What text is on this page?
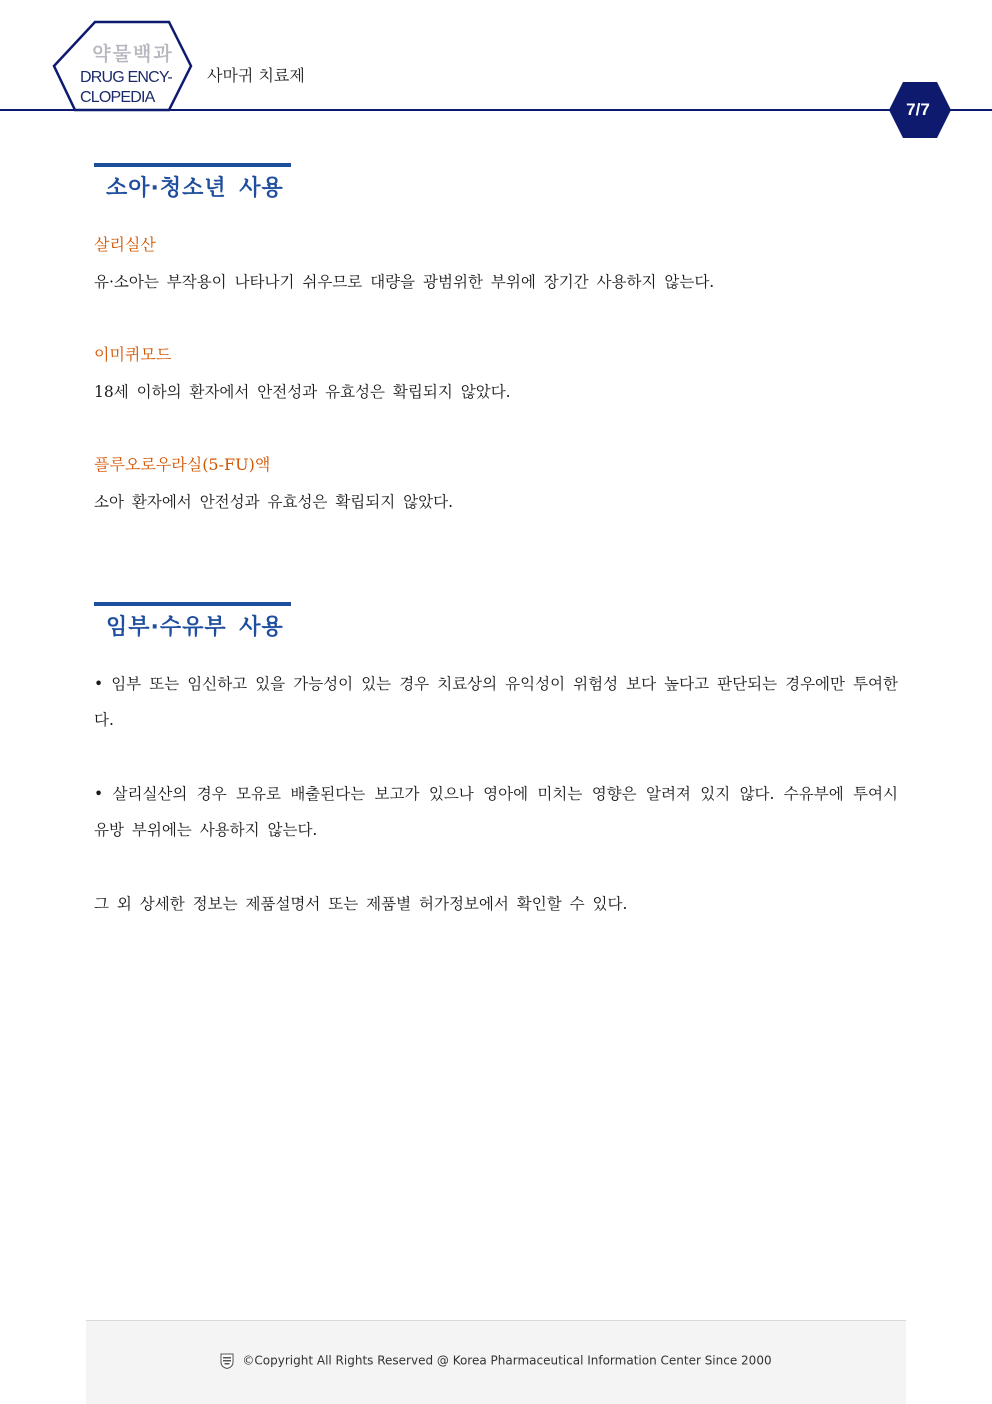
약물백과
DRUG ENCY-
CLOPEDIA
사마귀 치료제
7/7
소아·청소년 사용

살리실산

유·소아는 부작용이 나타나기 쉬우므로 대량을 광범위한 부위에 장기간 사용하지 않는다.

이미퀴모드

18세 이하의 환자에서 안전성과 유효성은 확립되지 않았다.

플루오로우라실(5-FU)액

소아 환자에서 안전성과 유효성은 확립되지 않았다.

임부·수유부 사용

• 임부 또는 임신하고 있을 가능성이 있는 경우 치료상의 유익성이 위험성 보다 높다고 판단되는 경우에만 투여한다.

• 살리실산의 경우 모유로 배출된다는 보고가 있으나 영아에 미치는 영향은 알려져 있지 않다. 수유부에 투여시 유방 부위에는 사용하지 않는다.

그 외 상세한 정보는 제품설명서 또는 제품별 허가정보에서 확인할 수 있다.

©Copyright All Rights Reserved @ Korea Pharmaceutical Information Center Since 2000
